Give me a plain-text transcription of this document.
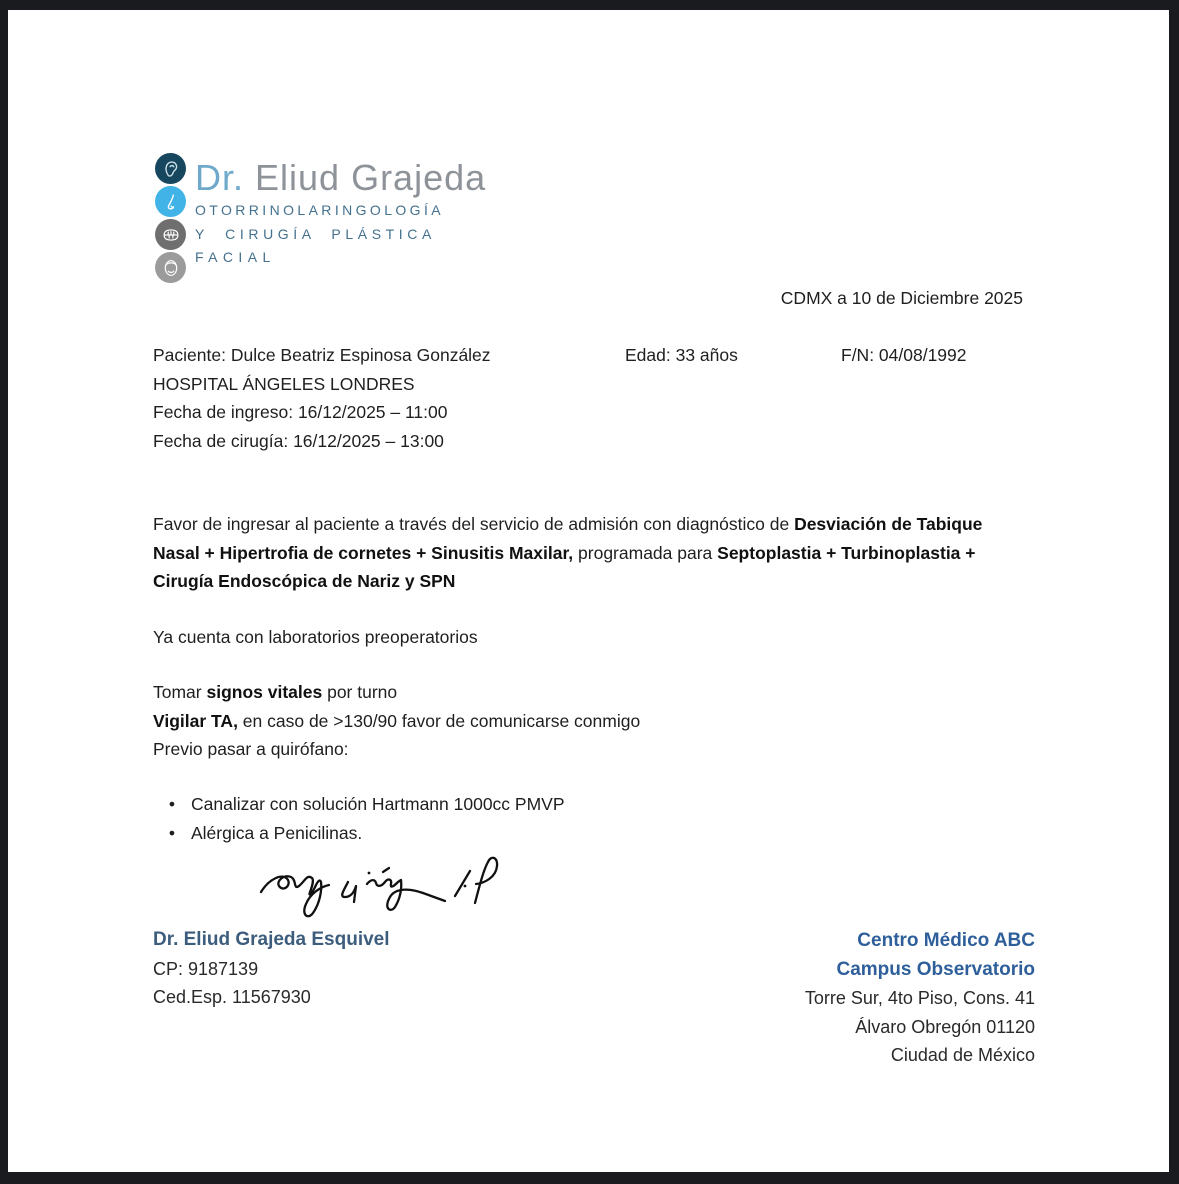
Dr. Eliud Grajeda
OTORRINOLARINGOLOGÍA
Y CIRUGÍA PLÁSTICA
FACIAL
CDMX a 10 de Diciembre 2025
Paciente: Dulce Beatriz Espinosa González	Edad: 33 años	F/N: 04/08/1992
HOSPITAL ÁNGELES LONDRES
Fecha de ingreso: 16/12/2025 – 11:00
Fecha de cirugía: 16/12/2025 – 13:00

Favor de ingresar al paciente a través del servicio de admisión con diagnóstico de Desviación de Tabique Nasal + Hipertrofia de cornetes + Sinusitis Maxilar, programada para Septoplastia + Turbinoplastia + Cirugía Endoscópica de Nariz y SPN

Ya cuenta con laboratorios preoperatorios
Tomar signos vitales por turno
Vigilar TA, en caso de >130/90 favor de comunicarse conmigo
Previo pasar a quirófano:
• Canalizar con solución Hartmann 1000cc PMVP
• Alérgica a Penicilinas.
Dr. Eliud Grajeda Esquivel
CP: 9187139
Ced.Esp. 11567930
Centro Médico ABC
Campus Observatorio
Torre Sur, 4to Piso, Cons. 41
Álvaro Obregón 01120
Ciudad de México
